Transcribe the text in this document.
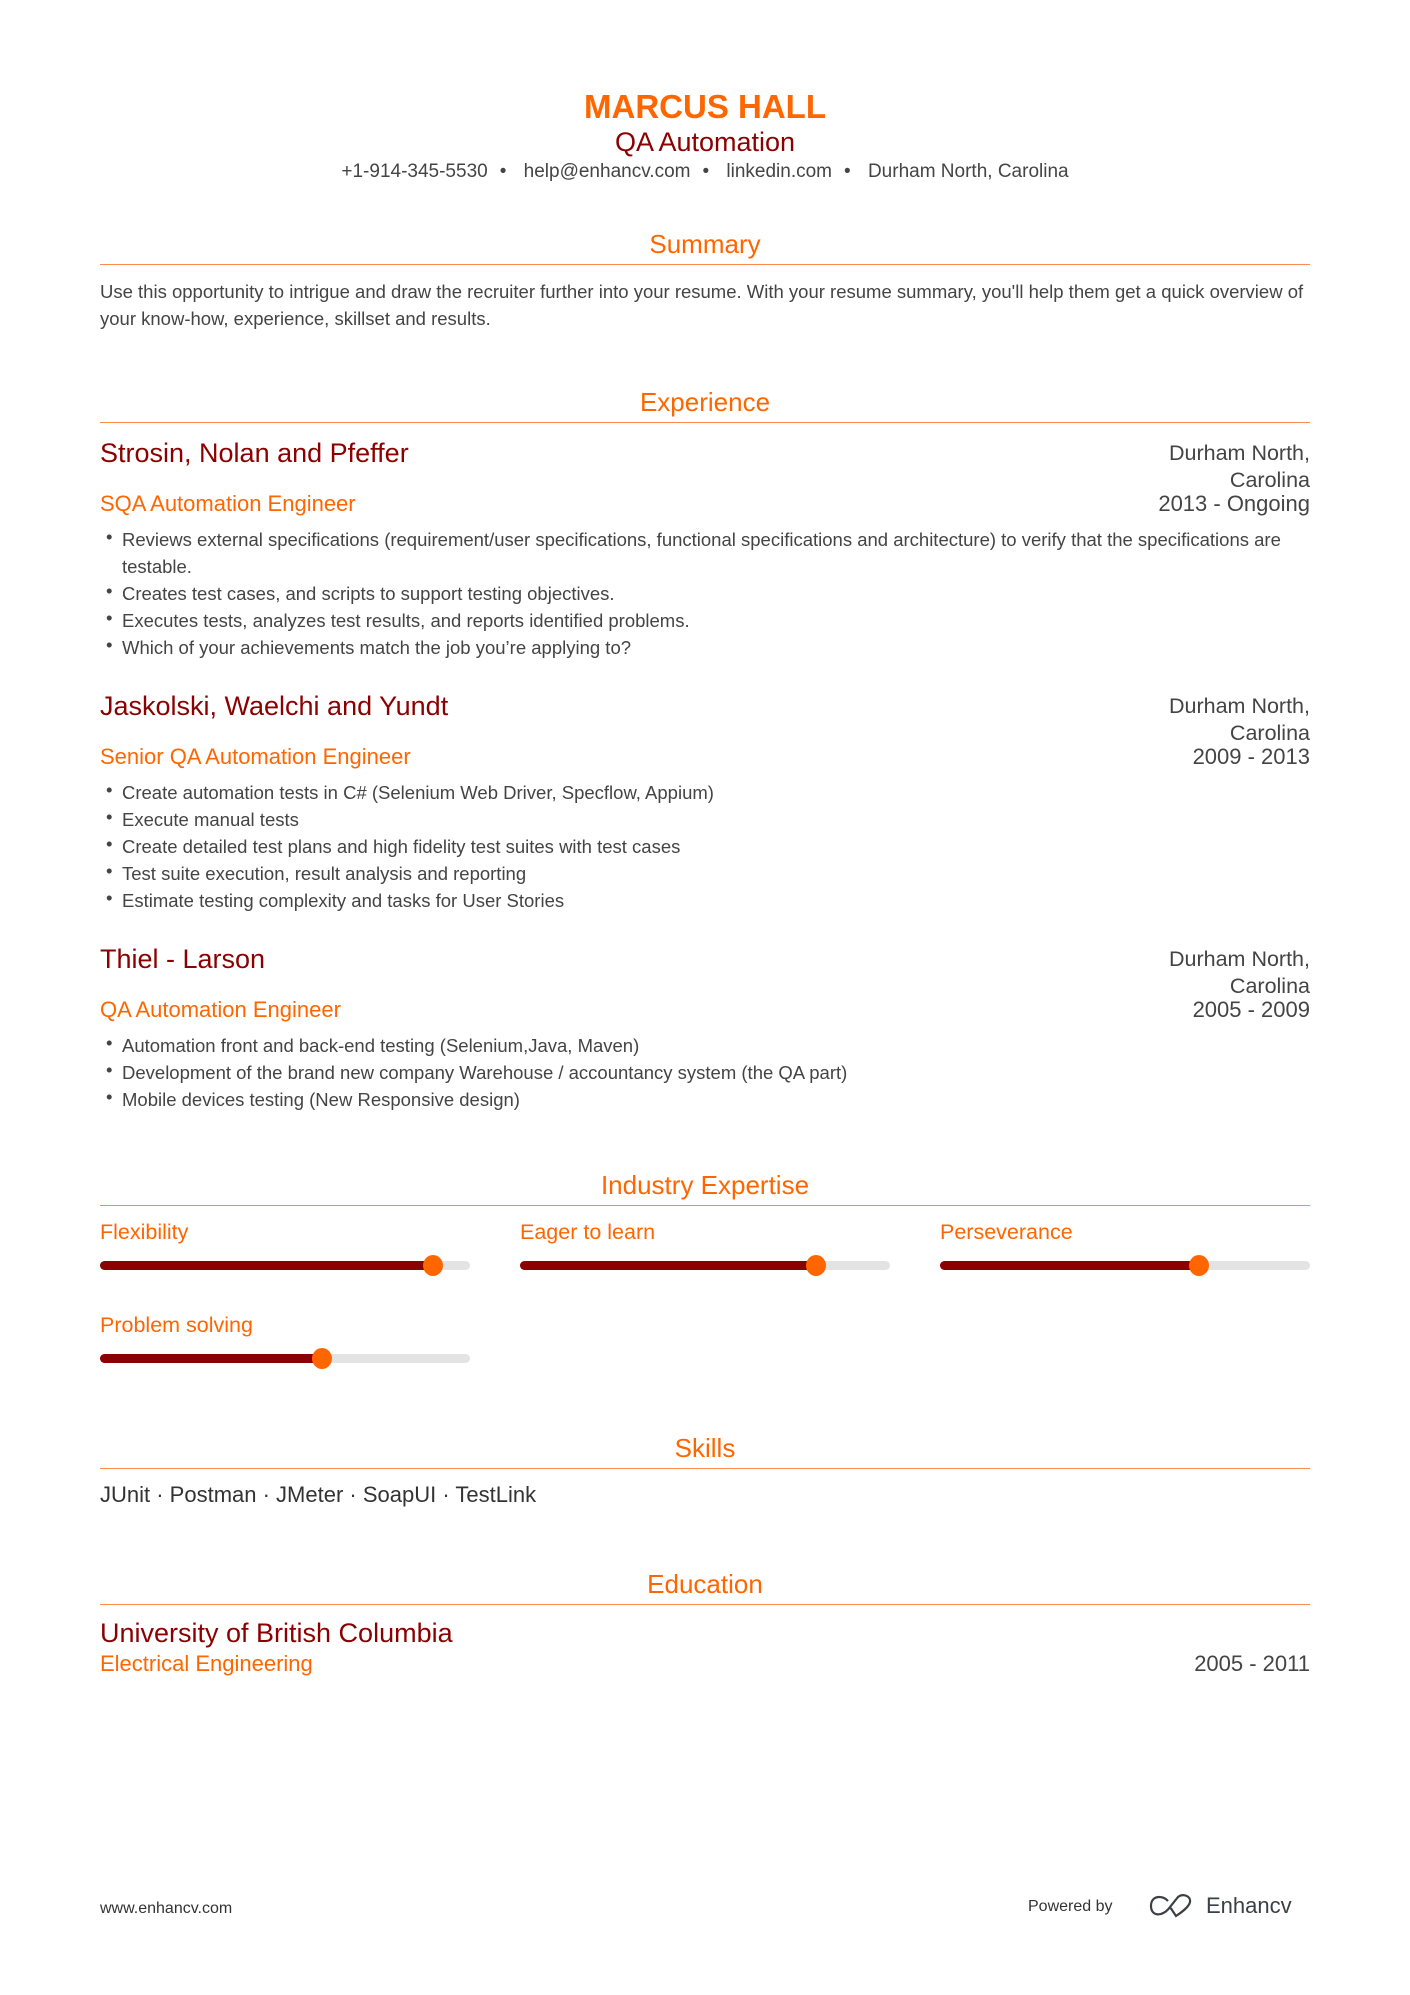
MARCUS HALL
QA Automation
+1-914-345-5530 • help@enhancv.com • linkedin.com • Durham North, Carolina
Summary
Use this opportunity to intrigue and draw the recruiter further into your resume. With your resume summary, you'll help them get a quick overview of your know-how, experience, skillset and results.
Experience
Strosin, Nolan and Pfeffer	Durham North, Carolina
SQA Automation Engineer	2013 - Ongoing
• Reviews external specifications (requirement/user specifications, functional specifications and architecture) to verify that the specifications are testable.
• Creates test cases, and scripts to support testing objectives.
• Executes tests, analyzes test results, and reports identified problems.
• Which of your achievements match the job you’re applying to?
Jaskolski, Waelchi and Yundt	Durham North, Carolina
Senior QA Automation Engineer	2009 - 2013
• Create automation tests in C# (Selenium Web Driver, Specflow, Appium)
• Execute manual tests
• Create detailed test plans and high fidelity test suites with test cases
• Test suite execution, result analysis and reporting
• Estimate testing complexity and tasks for User Stories
Thiel - Larson	Durham North, Carolina
QA Automation Engineer	2005 - 2009
• Automation front and back-end testing (Selenium,Java, Maven)
• Development of the brand new company Warehouse / accountancy system (the QA part)
• Mobile devices testing (New Responsive design)
Industry Expertise
Flexibility	Eager to learn	Perseverance
Problem solving
Skills
JUnit · Postman · JMeter · SoapUI · TestLink
Education
University of British Columbia
Electrical Engineering	2005 - 2011
www.enhancv.com	Powered by	Enhancv
